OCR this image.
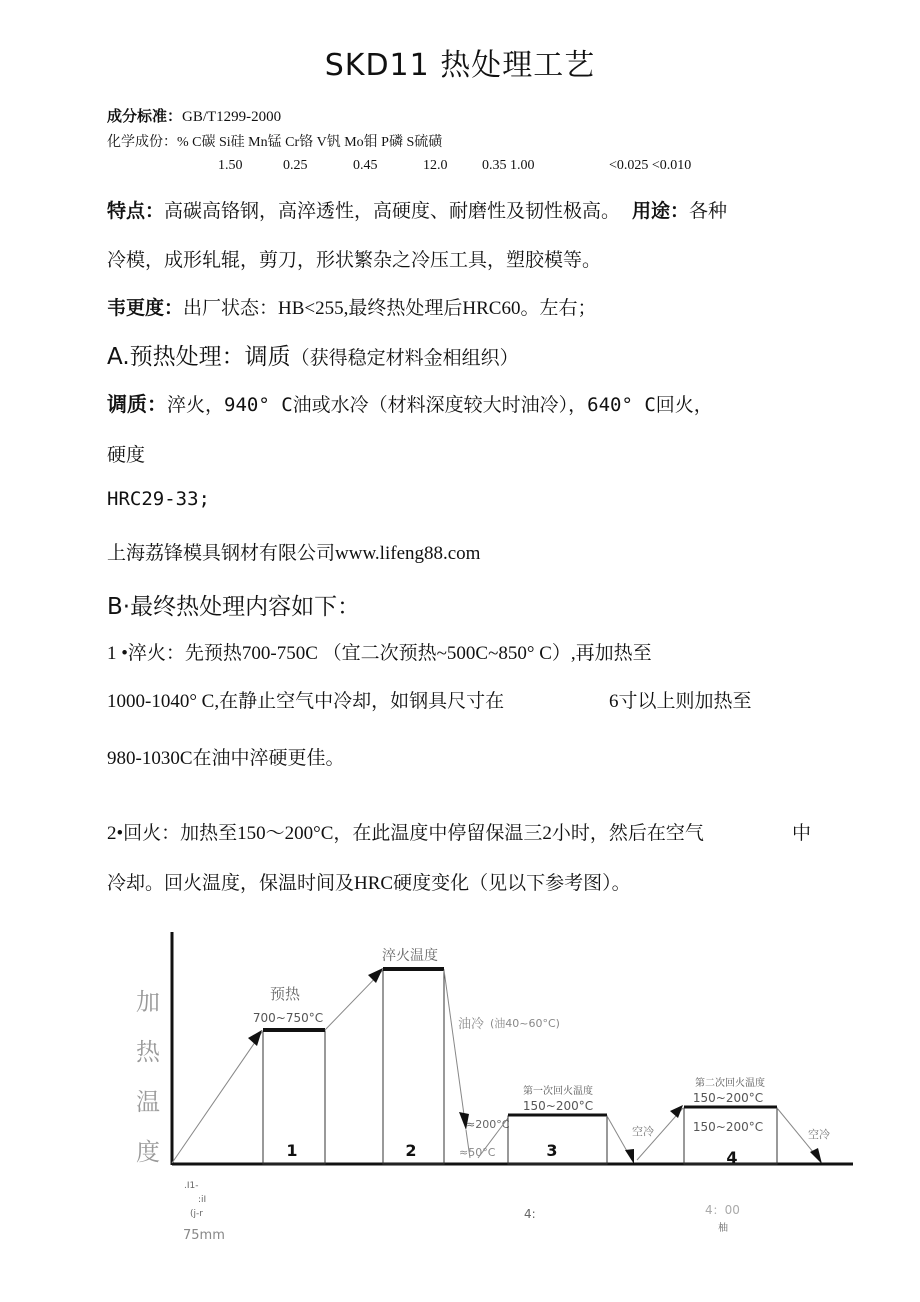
SKD11 热处理工艺
成分标准：GB/T1299-2000
化学成份：% C碳 Si硅 Mn锰 Cr铬 V钒 Mo钼 P磷 S硫磺
1.50	0.25	0.45	12.0 0.35 1.00	<0.025 <0.010
特点：高碳高铬钢，高淬透性，高硬度、耐磨性及韧性极高。 用途：各种
冷模，成形轧辊，剪刀，形状繁杂之冷压工具，塑胶模等。
韦更度：出厂状态：HB<255,最终热处理后HRC60。左右；
A.预热处理：调质（获得稳定材料金相组织）
调质：淬火，940° C油或水冷（材料深度较大时油冷），640° C回火，
硬度
HRC29-33;
上海荔锋模具钢材有限公司www.lifeng88.com
B·最终热处理内容如下：
1 •淬火：先预热700-750C （宜二次预热~500C~850° C）,再加热至
1000-1040° C,在静止空气中冷却，如钢具尺寸在	6寸以上则加热至
980-1030C在油中淬硬更佳。
2•回火：加热至150～200°C，在此温度中停留保温三2小时，然后在空气	中
冷却。回火温度，保温时间及HRC硬度变化（见以下参考图）。
加
热
温
度
预热
700~750°C
1
淬火温度
2
油冷 (油40~60°C)
≈200°C
≈50°C
第一次回火温度
150~200°C
3
空冷
第二次回火温度
150~200°C
150~200°C
4
空冷
.I1-
:iI
(j-r
75mm
4:	4：00
柚
